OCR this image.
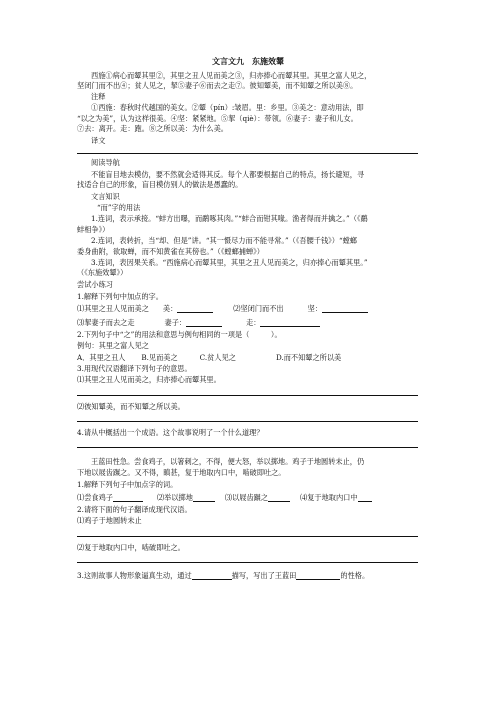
文言文九　东施效颦
西施①病心而颦其里②，其里之丑人见而美之③，归亦捧心而颦其里。其里之富人见之，
坚闭门而不出④；贫人见之，挈⑤妻子⑥而去之走⑦。彼知颦美，而不知颦之所以美⑧。
注释
①西施：春秋时代越国的美女。②颦（pín）:皱眉。里：乡里。③美之：意动用法，即
“以之为美”，认为这样很美。④坚：紧紧地。⑤挈（qiè）：带领。⑥妻子：妻子和儿女。
⑦去：离开。走：跑。⑧之所以美：为什么美。
译文
阅读导航
不能盲目地去模仿，要不然就会适得其反。每个人都要根据自己的特点，扬长避短，寻
找适合自己的形象，盲目模仿别人的做法是愚蠢的。
文言知识
“而”字的用法
1.连词，表示承接。“蚌方出曝，而鹬啄其肉。”“蚌合而钳其喙。渔者得而并擒之。”（《鹬
蚌相争》）
2.连词，表转折，当“却、但是”讲。“其一慑尽力而不能寻常。”（《吾腰千钱》）“螳螂
委身曲附，欲取蝉，而不知黄雀在其傍也。”（《螳螂捕蝉》）
3.连词，表因果关系。“西施病心而颦其里，其里之丑人见而美之，归亦捧心而颦其里。”
（《东施效颦》）
尝试小练习
1.解释下列句中加点的字。
⑴其里之丑人见而美之 美：	⑵坚闭门而不出	坚：
⑶挈妻子而去之走	妻子：	走：
2.下列句子中“之”的用法和意思与例句相同的一项是（　　　）。
例句：其里之富人见之
A．其里之丑人 B.见而美之	C.贫人见之	D.而不知颦之所以美
3.用现代汉语翻译下列句子的意思。
⑴其里之丑人见而美之，归亦捧心而颦其里。
⑵彼知颦美，而不知颦之所以美。
4.请从中概括出一个成语。这个故事说明了一个什么道理？
王蓝田性急。尝食鸡子，以箸刺之，不得，便大怒，举以掷地。鸡子于地圆转未止，仍
下地以屐齿蹍之。又不得，瞋甚，复于地取内口中，啮破即吐之。
1.解释下列句子中加点字的词。
⑴尝食鸡子	⑵举以掷地	⑶以屐齿蹍之	⑷复于地取内口中
2.请将下面的句子翻译成现代汉语。
⑴鸡子于地圆转未止
⑵复于地取内口中，啮破即吐之。
3.这则故事人物形象逼真生动，通过	描写，写出了王蓝田	的性格。
